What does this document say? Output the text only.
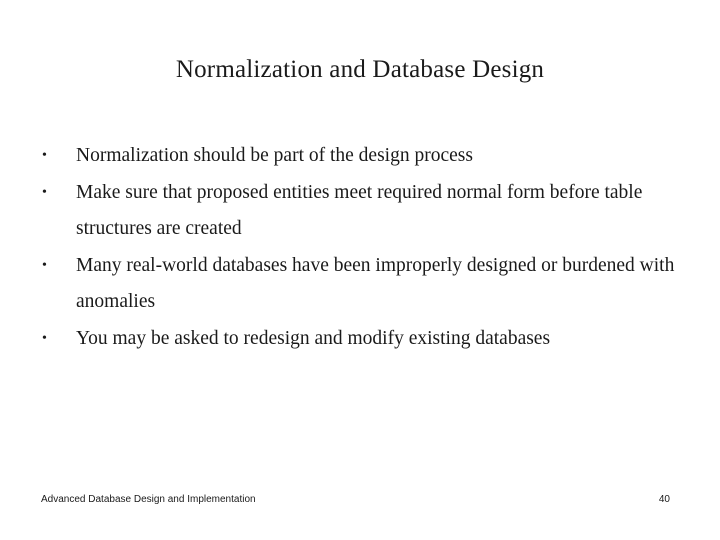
Normalization and Database Design
• Normalization should be part of the design process
• Make sure that proposed entities meet required normal form before table structures are created
• Many real-world databases have been improperly designed or burdened with anomalies
• You may be asked to redesign and modify existing databases
Advanced Database Design and Implementation	40
